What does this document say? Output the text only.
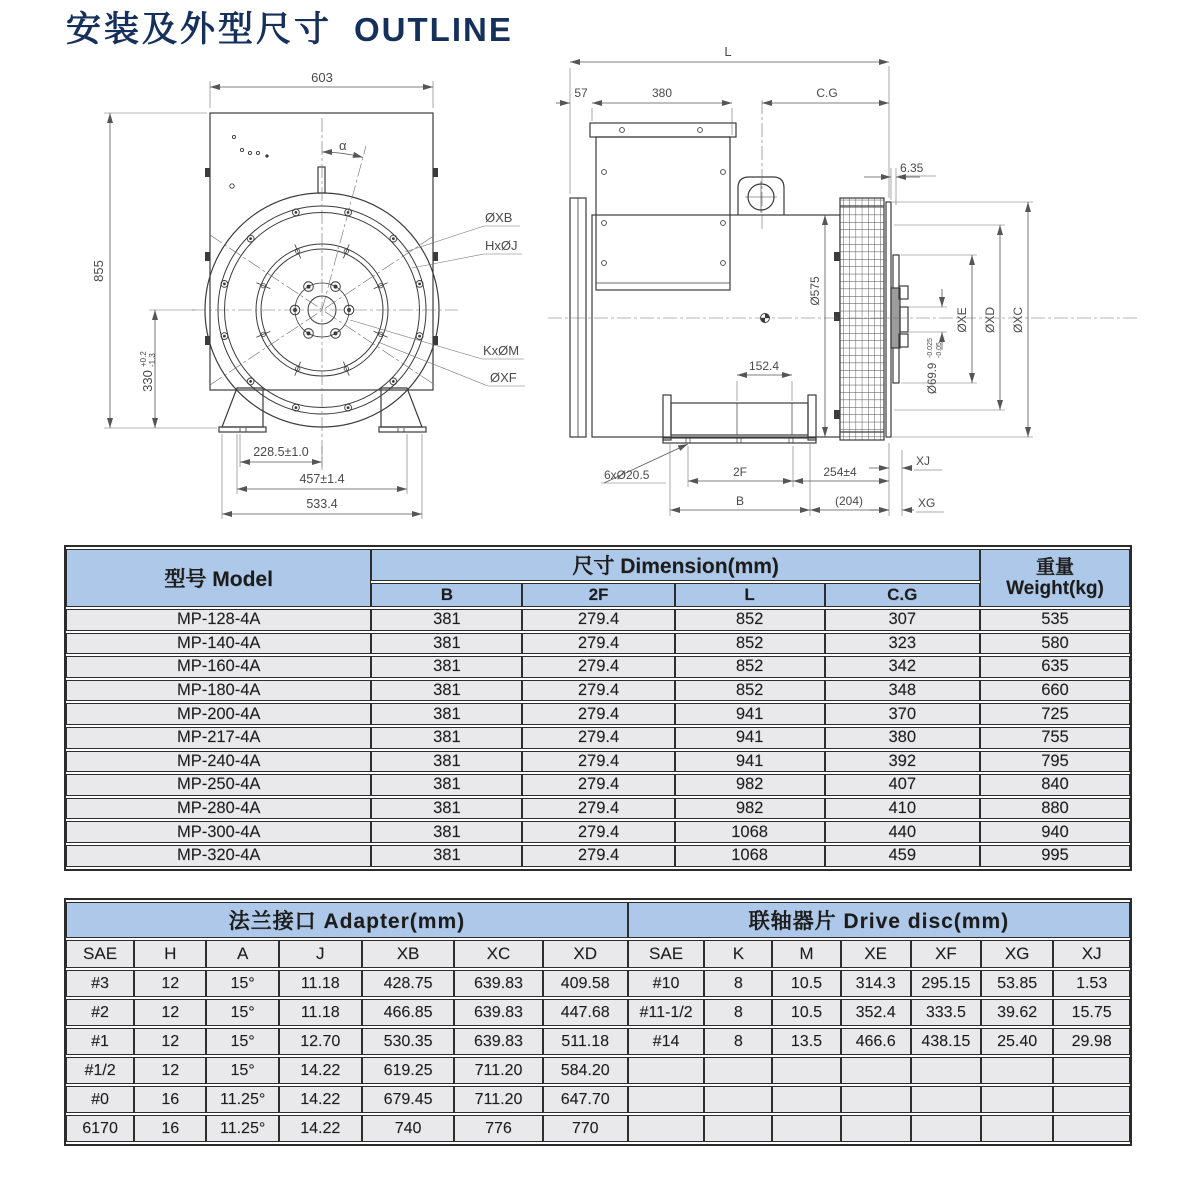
安装及外型尺寸 OUTLINE
α
603
855
330
+0.2 -1.3
228.5±1.0
457±1.4
533.4
ØXB
HxØJ
KxØM
ØXF
L
57	380	C.G
6.35
Ø575
ØXE ØXD ØXC
Ø69.9
-0.025 -0.05
152.4
6xØ20.5	2F	254±4
B	(204)
XJ
XG
型号 Model	尺寸 Dimension(mm)				重量
Weight(kg)

	B	2F	L	C.G	
MP-128-4A	381	279.4	852	307	535
MP-140-4A	381	279.4	852	323	580
MP-160-4A	381	279.4	852	342	635
MP-180-4A	381	279.4	852	348	660
MP-200-4A	381	279.4	941	370	725
MP-217-4A	381	279.4	941	380	755
MP-240-4A	381	279.4	941	392	795
MP-250-4A	381	279.4	982	407	840
MP-280-4A	381	279.4	982	410	880
MP-300-4A	381	279.4	1068	440	940
MP-320-4A	381	279.4	1068	459	995
法兰接口 Adapter(mm)							联轴器片 Drive disc(mm)						
SAE	H	A	J	XB	XC	XD	SAE	K	M	XE	XF	XG	XJ
#3	12	15°	11.18	428.75	639.83	409.58	#10	8	10.5	314.3	295.15	53.85	1.53
#2	12	15°	11.18	466.85	639.83	447.68	#11-1/2	8	10.5	352.4	333.5	39.62	15.75
#1	12	15°	12.70	530.35	639.83	511.18	#14	8	13.5	466.6	438.15	25.40	29.98
#1/2	12	15°	14.22	619.25	711.20	584.20							
#0	16	11.25°	14.22	679.45	711.20	647.70							
6170	16	11.25°	14.22	740	776	770							
